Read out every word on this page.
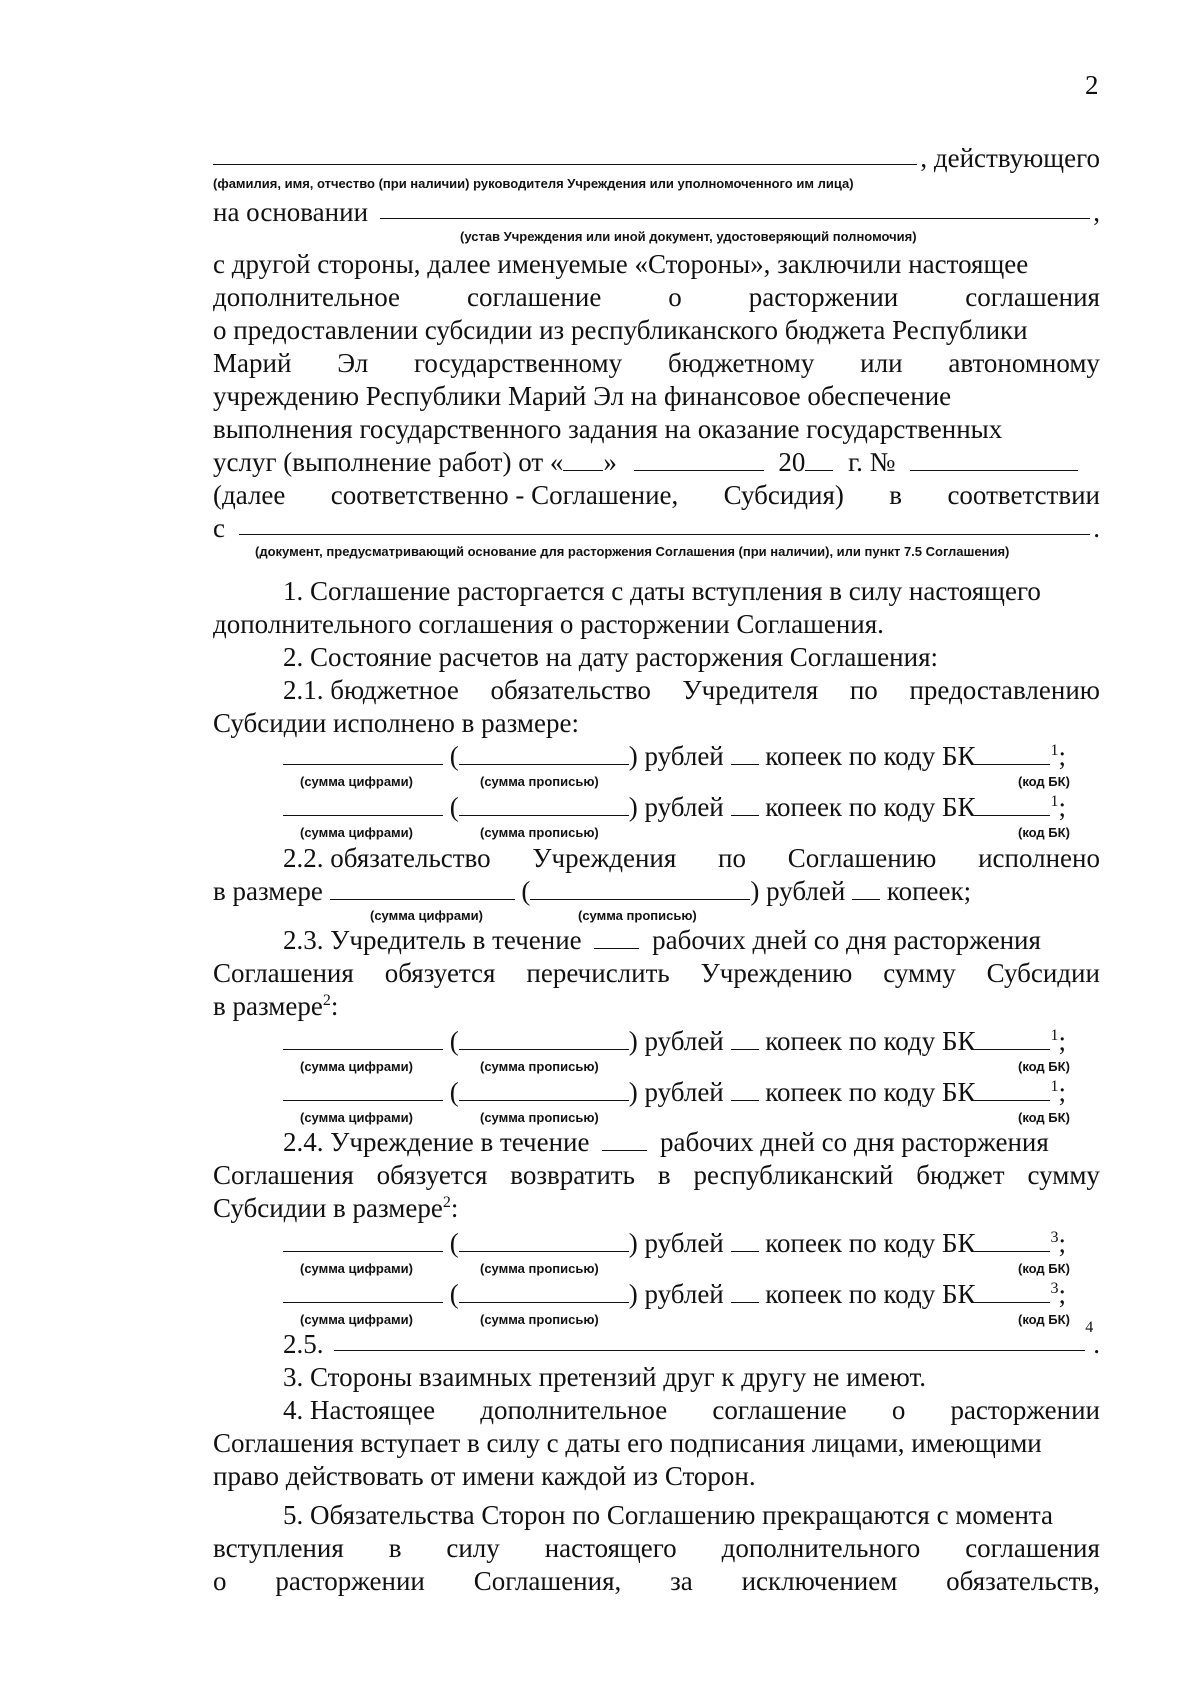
2
, действующего
(фамилия, имя, отчество (при наличии) руководителя Учреждения или уполномоченного им лица)
на основании	,
(устав Учреждения или иной документ, удостоверяющий полномочия)
с другой стороны, далее именуемые «Стороны», заключили настоящее
дополнительное соглашение о расторжении соглашения
о предоставлении субсидии из республиканского бюджета Республики
Марий Эл государственному бюджетному или автономному
учреждению Республики Марий Эл на финансовое обеспечение
выполнения государственного задания на оказание государственных
услуг (выполнение работ) от « »	20 г. №
(далее соответственно - Соглашение, Субсидия) в соответствии
с	.
(документ, предусматривающий основание для расторжения Соглашения (при наличии), или пункт 7.5 Соглашения)
1. Соглашение расторгается с даты вступления в силу настоящего
дополнительного соглашения о расторжении Соглашения.
2. Состояние расчетов на дату расторжения Соглашения:
2.1. бюджетное обязательство Учредителя по предоставлению
Субсидии исполнено в размере:
(	) рублей копеек по коду БК	$^1$;
(сумма цифрами)	(сумма прописью)	(код БК)
(	) рублей копеек по коду БК	$^1$;
(сумма цифрами)	(сумма прописью)	(код БК)
2.2. обязательство Учреждения по Соглашению исполнено
в размере	(	) рублей копеек;
(сумма цифрами)	(сумма прописью)
2.3. Учредитель в течение	рабочих дней со дня расторжения
Соглашения обязуется перечислить Учреждению сумму Субсидии
в размере$^2$:
(	) рублей копеек по коду БК	$^1$;
(сумма цифрами)	(сумма прописью)	(код БК)
(	) рублей копеек по коду БК	$^1$;
(сумма цифрами)	(сумма прописью)	(код БК)
2.4. Учреждение в течение	рабочих дней со дня расторжения
Соглашения обязуется возвратить в республиканский бюджет сумму
Субсидии в размере$^2$:
(	) рублей копеек по коду БК	$^3$;
(сумма цифрами)	(сумма прописью)	(код БК)
(	) рублей копеек по коду БК	$^3$;
(сумма цифрами)	(сумма прописью)	(код БК)
2.5.
4
.
3. Стороны взаимных претензий друг к другу не имеют.
4. Настоящее дополнительное соглашение о расторжении
Соглашения вступает в силу с даты его подписания лицами, имеющими
право действовать от имени каждой из Сторон.
5. Обязательства Сторон по Соглашению прекращаются с момента
вступления в силу настоящего дополнительного соглашения
о расторжении Соглашения, за исключением обязательств,
